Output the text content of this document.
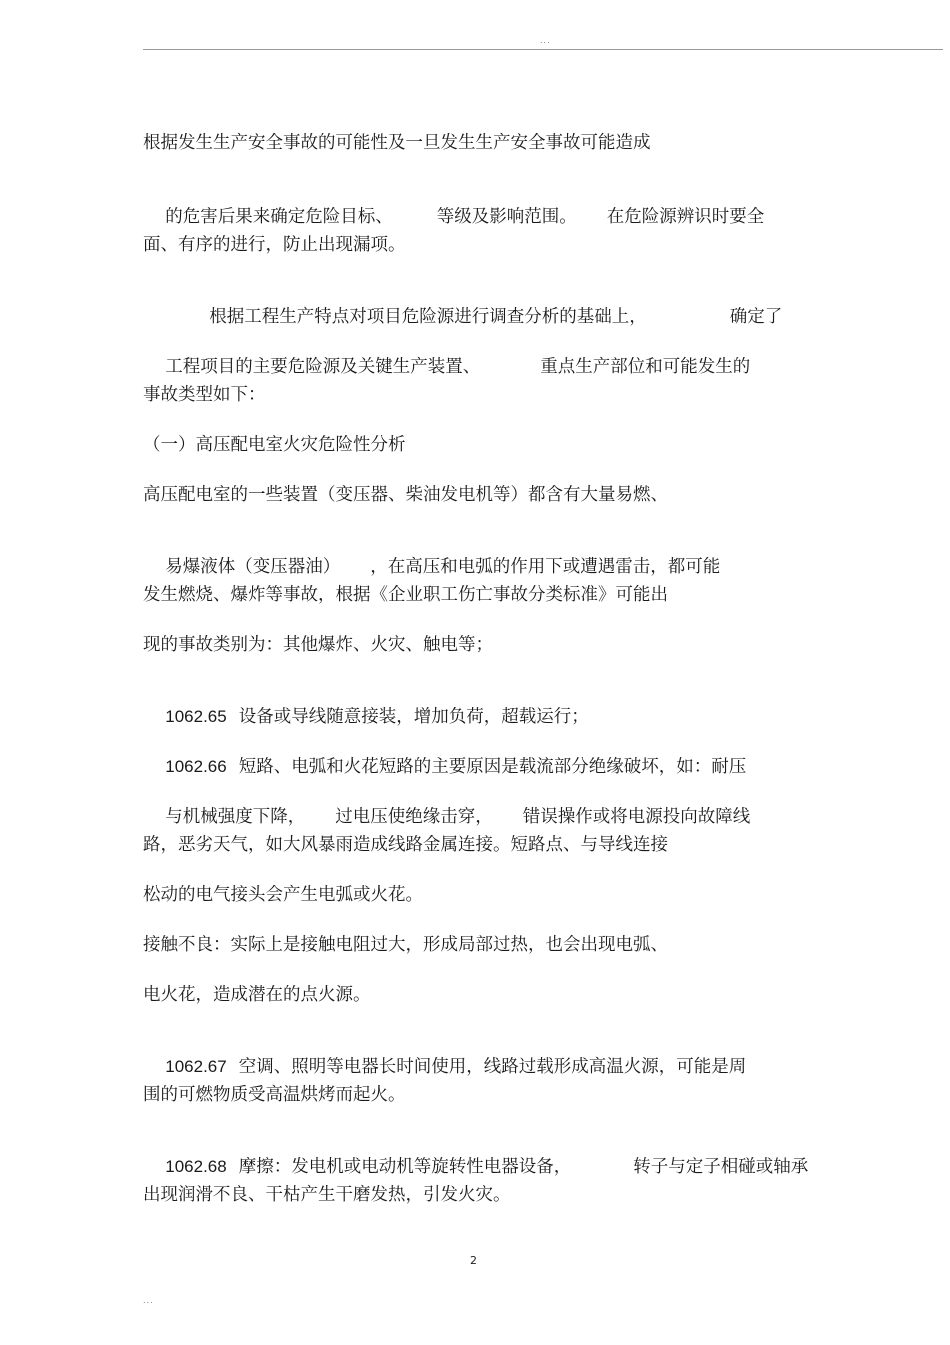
...
根据发生生产安全事故的可能性及一旦发生生产安全事故可能造成

的危害后果来确定危险目标、	等级及影响范围。 在危险源辨识时要全

面、有序的进行，防止出现漏项。

根据工程生产特点对项目危险源进行调查分析的基础上，	确定了

工程项目的主要危险源及关键生产装置、	重点生产部位和可能发生的

事故类型如下：
（一）高压配电室火灾危险性分析
高压配电室的一些装置（变压器、柴油发电机等）都含有大量易燃、

易爆液体（变压器油） ，在高压和电弧的作用下或遭遇雷击，都可能

发生燃烧、爆炸等事故，根据《企业职工伤亡事故分类标准》可能出
现的事故类别为：其他爆炸、火灾、触电等；

1062.65 设备或导线随意接装，增加负荷，超载运行；

1062.66 短路、电弧和火花短路的主要原因是载流部分绝缘破坏，如：耐压

与机械强度下降， 过电压使绝缘击穿， 错误操作或将电源投向故障线

路，恶劣天气，如大风暴雨造成线路金属连接。短路点、与导线连接
松动的电气接头会产生电弧或火花。
接触不良：实际上是接触电阻过大，形成局部过热，也会出现电弧、
电火花，造成潜在的点火源。

1062.67 空调、照明等电器长时间使用，线路过载形成高温火源，可能是周

围的可燃物质受高温烘烤而起火。

1062.68 摩擦：发电机或电动机等旋转性电器设备，	转子与定子相碰或轴承

出现润滑不良、干枯产生干磨发热，引发火灾。
2
...
